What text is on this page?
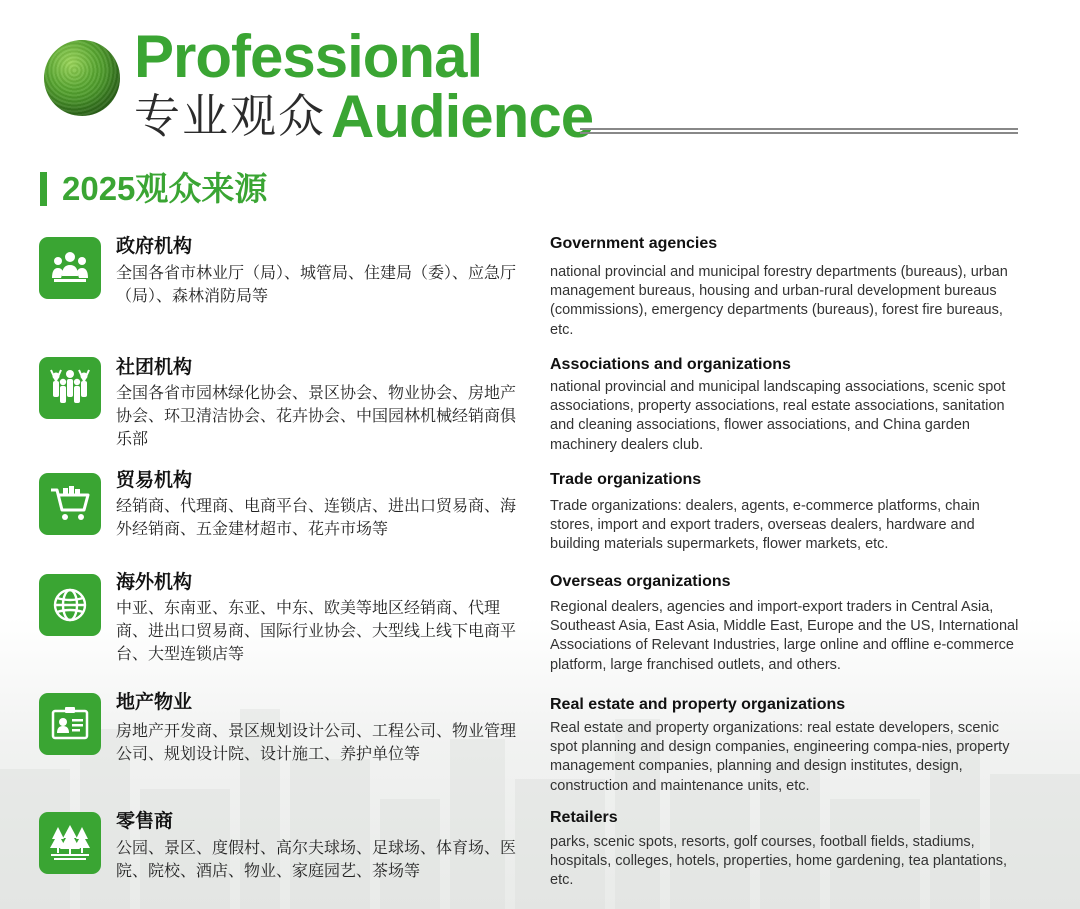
Professional
专业观众 Audience
2025观众来源
政府机构
全国各省市林业厅（局）、城管局、住建局（委）、应急厅（局）、森林消防局等
Government agencies
national provincial and municipal forestry departments (bureaus), urban management bureaus, housing and urban-rural development bureaus (commissions), emergency departments (bureaus), forest fire bureaus, etc.
社团机构
全国各省市园林绿化协会、景区协会、物业协会、房地产协会、环卫清洁协会、花卉协会、中国园林机械经销商俱乐部
Associations and organizations
national provincial and municipal landscaping associations, scenic spot associations, property associations, real estate associations, sanitation and cleaning associations, flower associations, and China garden machinery dealers club.
贸易机构
经销商、代理商、电商平台、连锁店、进出口贸易商、海外经销商、五金建材超市、花卉市场等
Trade organizations
Trade organizations: dealers, agents, e-commerce platforms, chain stores, import and export traders, overseas dealers, hardware and building materials supermarkets, flower markets, etc.
海外机构
中亚、东南亚、东亚、中东、欧美等地区经销商、代理商、进出口贸易商、国际行业协会、大型线上线下电商平台、大型连锁店等
Overseas organizations
Regional dealers, agencies and import-export traders in Central Asia, Southeast Asia, East Asia, Middle East, Europe and the US, International Associations of Relevant Industries, large online and offline e-commerce platform, large franchised outlets, and others.
地产物业
房地产开发商、景区规划设计公司、工程公司、物业管理公司、规划设计院、设计施工、养护单位等
Real estate and property organizations
Real estate and property organizations: real estate developers, scenic spot planning and design companies, engineering compa-nies, property management companies, planning and design institutes, design, construction and maintenance units, etc.
零售商
公园、景区、度假村、高尔夫球场、足球场、体育场、医院、院校、酒店、物业、家庭园艺、茶场等
Retailers
parks, scenic spots, resorts, golf courses, football fields, stadiums, hospitals, colleges, hotels, properties, home gardening, tea plantations, etc.
